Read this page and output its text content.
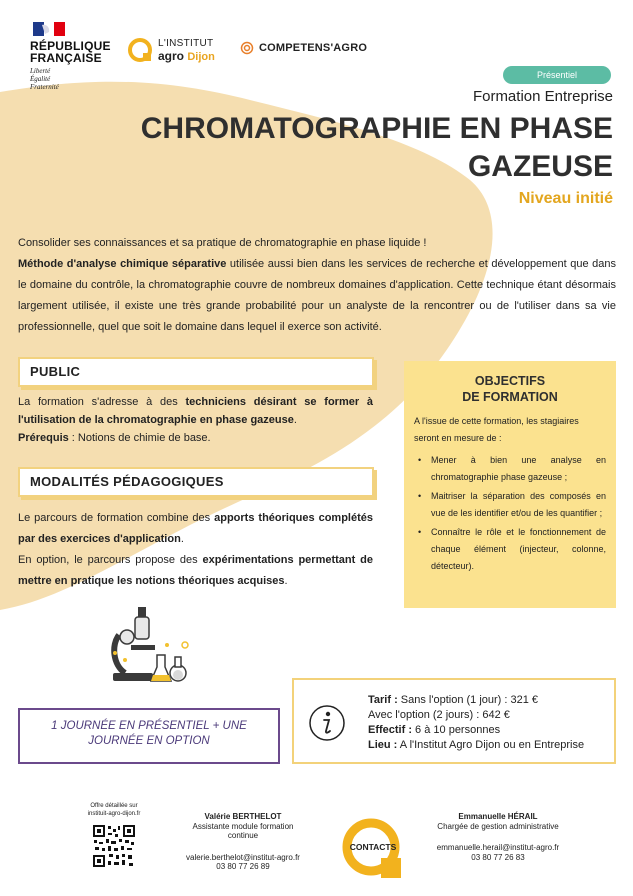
RÉPUBLIQUE
FRANÇAISE
Liberté
Égalité
Fraternité
L'INSTITUT
agro Dijon
COMPETENS'AGRO
Présentiel
Formation Entreprise
CHROMATOGRAPHIE EN PHASE
GAZEUSE
Niveau initié

Consolider ses connaissances et sa pratique de chromatographie en phase liquide !

Méthode d'analyse chimique séparative utilisée aussi bien dans les services de recherche et développement que dans le domaine du contrôle, la chromatographie couvre de nombreux domaines d'application. Cette technique étant désormais largement utilisée, il existe une très grande probabilité pour un analyste de la rencontrer ou de l'utiliser dans sa vie professionnelle, quel que soit le domaine dans lequel il exerce son activité.

PUBLIC

La formation s'adresse à des techniciens désirant se former à l'utilisation de la chromatographie en phase gazeuse.

Prérequis : Notions de chimie de base.

MODALITÉS PÉDAGOGIQUES

Le parcours de formation combine des apports théoriques complétés par des exercices d'application.

En option, le parcours propose des expérimentations permettant de mettre en pratique les notions théoriques acquises.

OBJECTIFS
DE FORMATION
A l'issue de cette formation, les stagiaires seront en mesure de :
• Mener à bien une analyse en chromatographie phase gazeuse ;
• Maitriser la séparation des composés en vue de les identifier et/ou de les quantifier ;
• Connaître le rôle et le fonctionnement de chaque élément (injecteur, colonne, détecteur).
1 JOURNÉE EN PRÉSENTIEL + UNE JOURNÉE EN OPTION
Tarif : Sans l'option (1 jour) : 321 €
Avec l'option (2 jours) : 642 €
Effectif : 6 à 10 personnes
Lieu : A l'Institut Agro Dijon ou en Entreprise
Offre détaillée sur
instituit-agro-dijon.fr	Valérie BERTHELOT
Assistante module formation
continue
valerie.berthelot@institut-agro.fr
03 80 77 26 89
CONTACTS
Emmanuelle HÉRAIL
Chargée de gestion administrative
emmanuelle.herail@institut-agro.fr
03 80 77 26 83
